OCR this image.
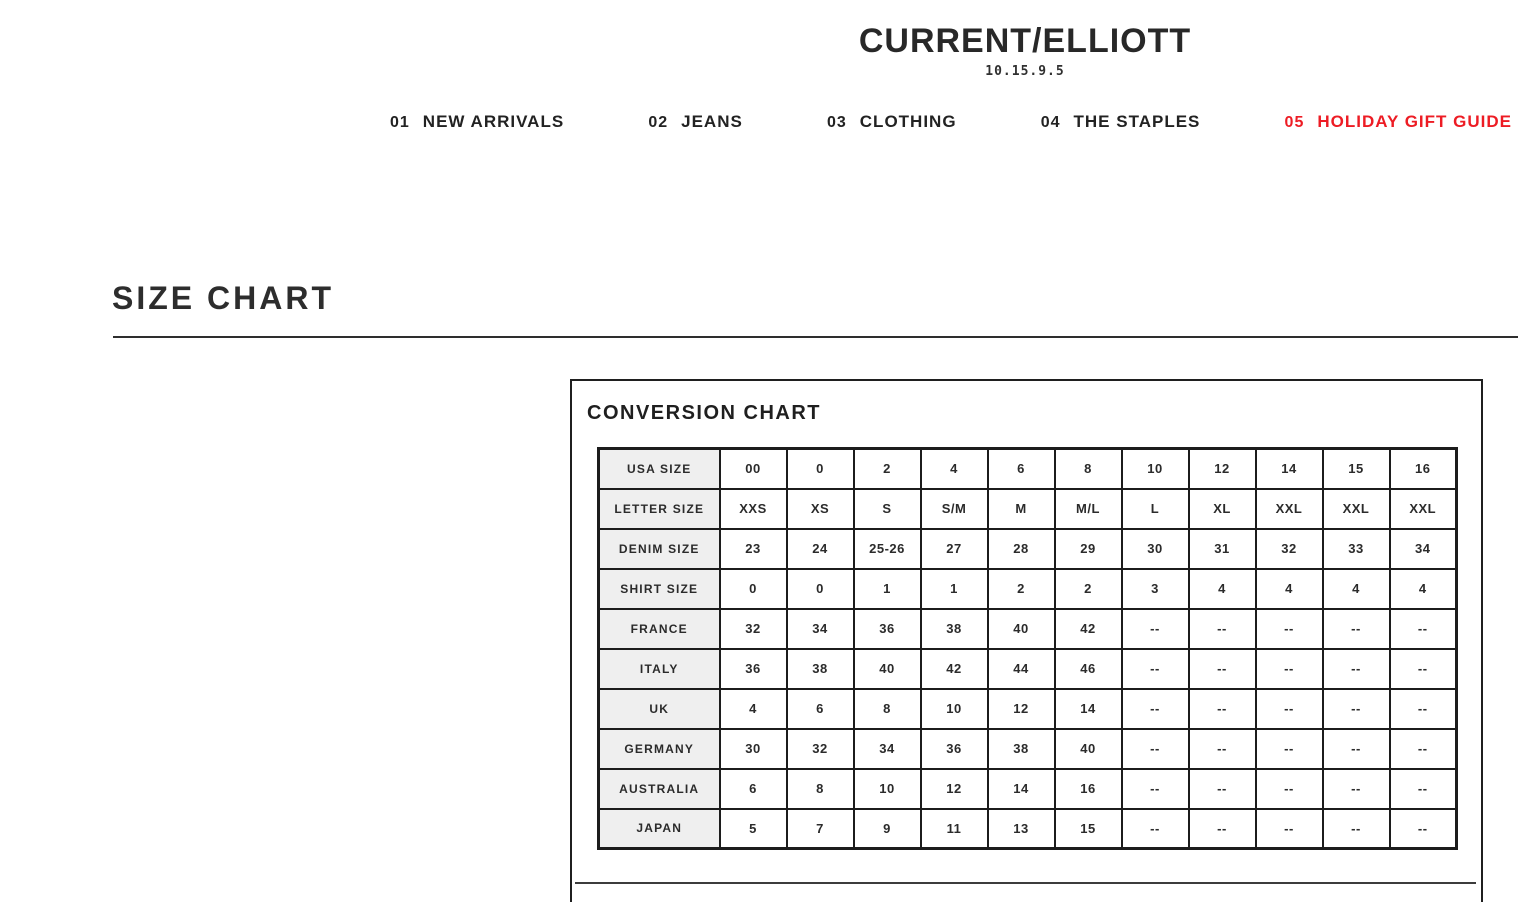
CURRENT/ELLIOTT
10.15.9.5
01 NEW ARRIVALS	02 JEANS	03 CLOTHING	04 THE STAPLES	05 HOLIDAY GIFT GUIDE
SIZE CHART
CONVERSION CHART
USA SIZE	00	0	2	4	6	8	10	12	14	15	16
LETTER SIZE	XXS	XS	S	S/M	M	M/L	L	XL	XXL	XXL	XXL
DENIM SIZE	23	24	25-26	27	28	29	30	31	32	33	34
SHIRT SIZE	0	0	1	1	2	2	3	4	4	4	4
FRANCE	32	34	36	38	40	42	--	--	--	--	--
ITALY	36	38	40	42	44	46	--	--	--	--	--
UK	4	6	8	10	12	14	--	--	--	--	--
GERMANY	30	32	34	36	38	40	--	--	--	--	--
AUSTRALIA	6	8	10	12	14	16	--	--	--	--	--
JAPAN	5	7	9	11	13	15	--	--	--	--	--
